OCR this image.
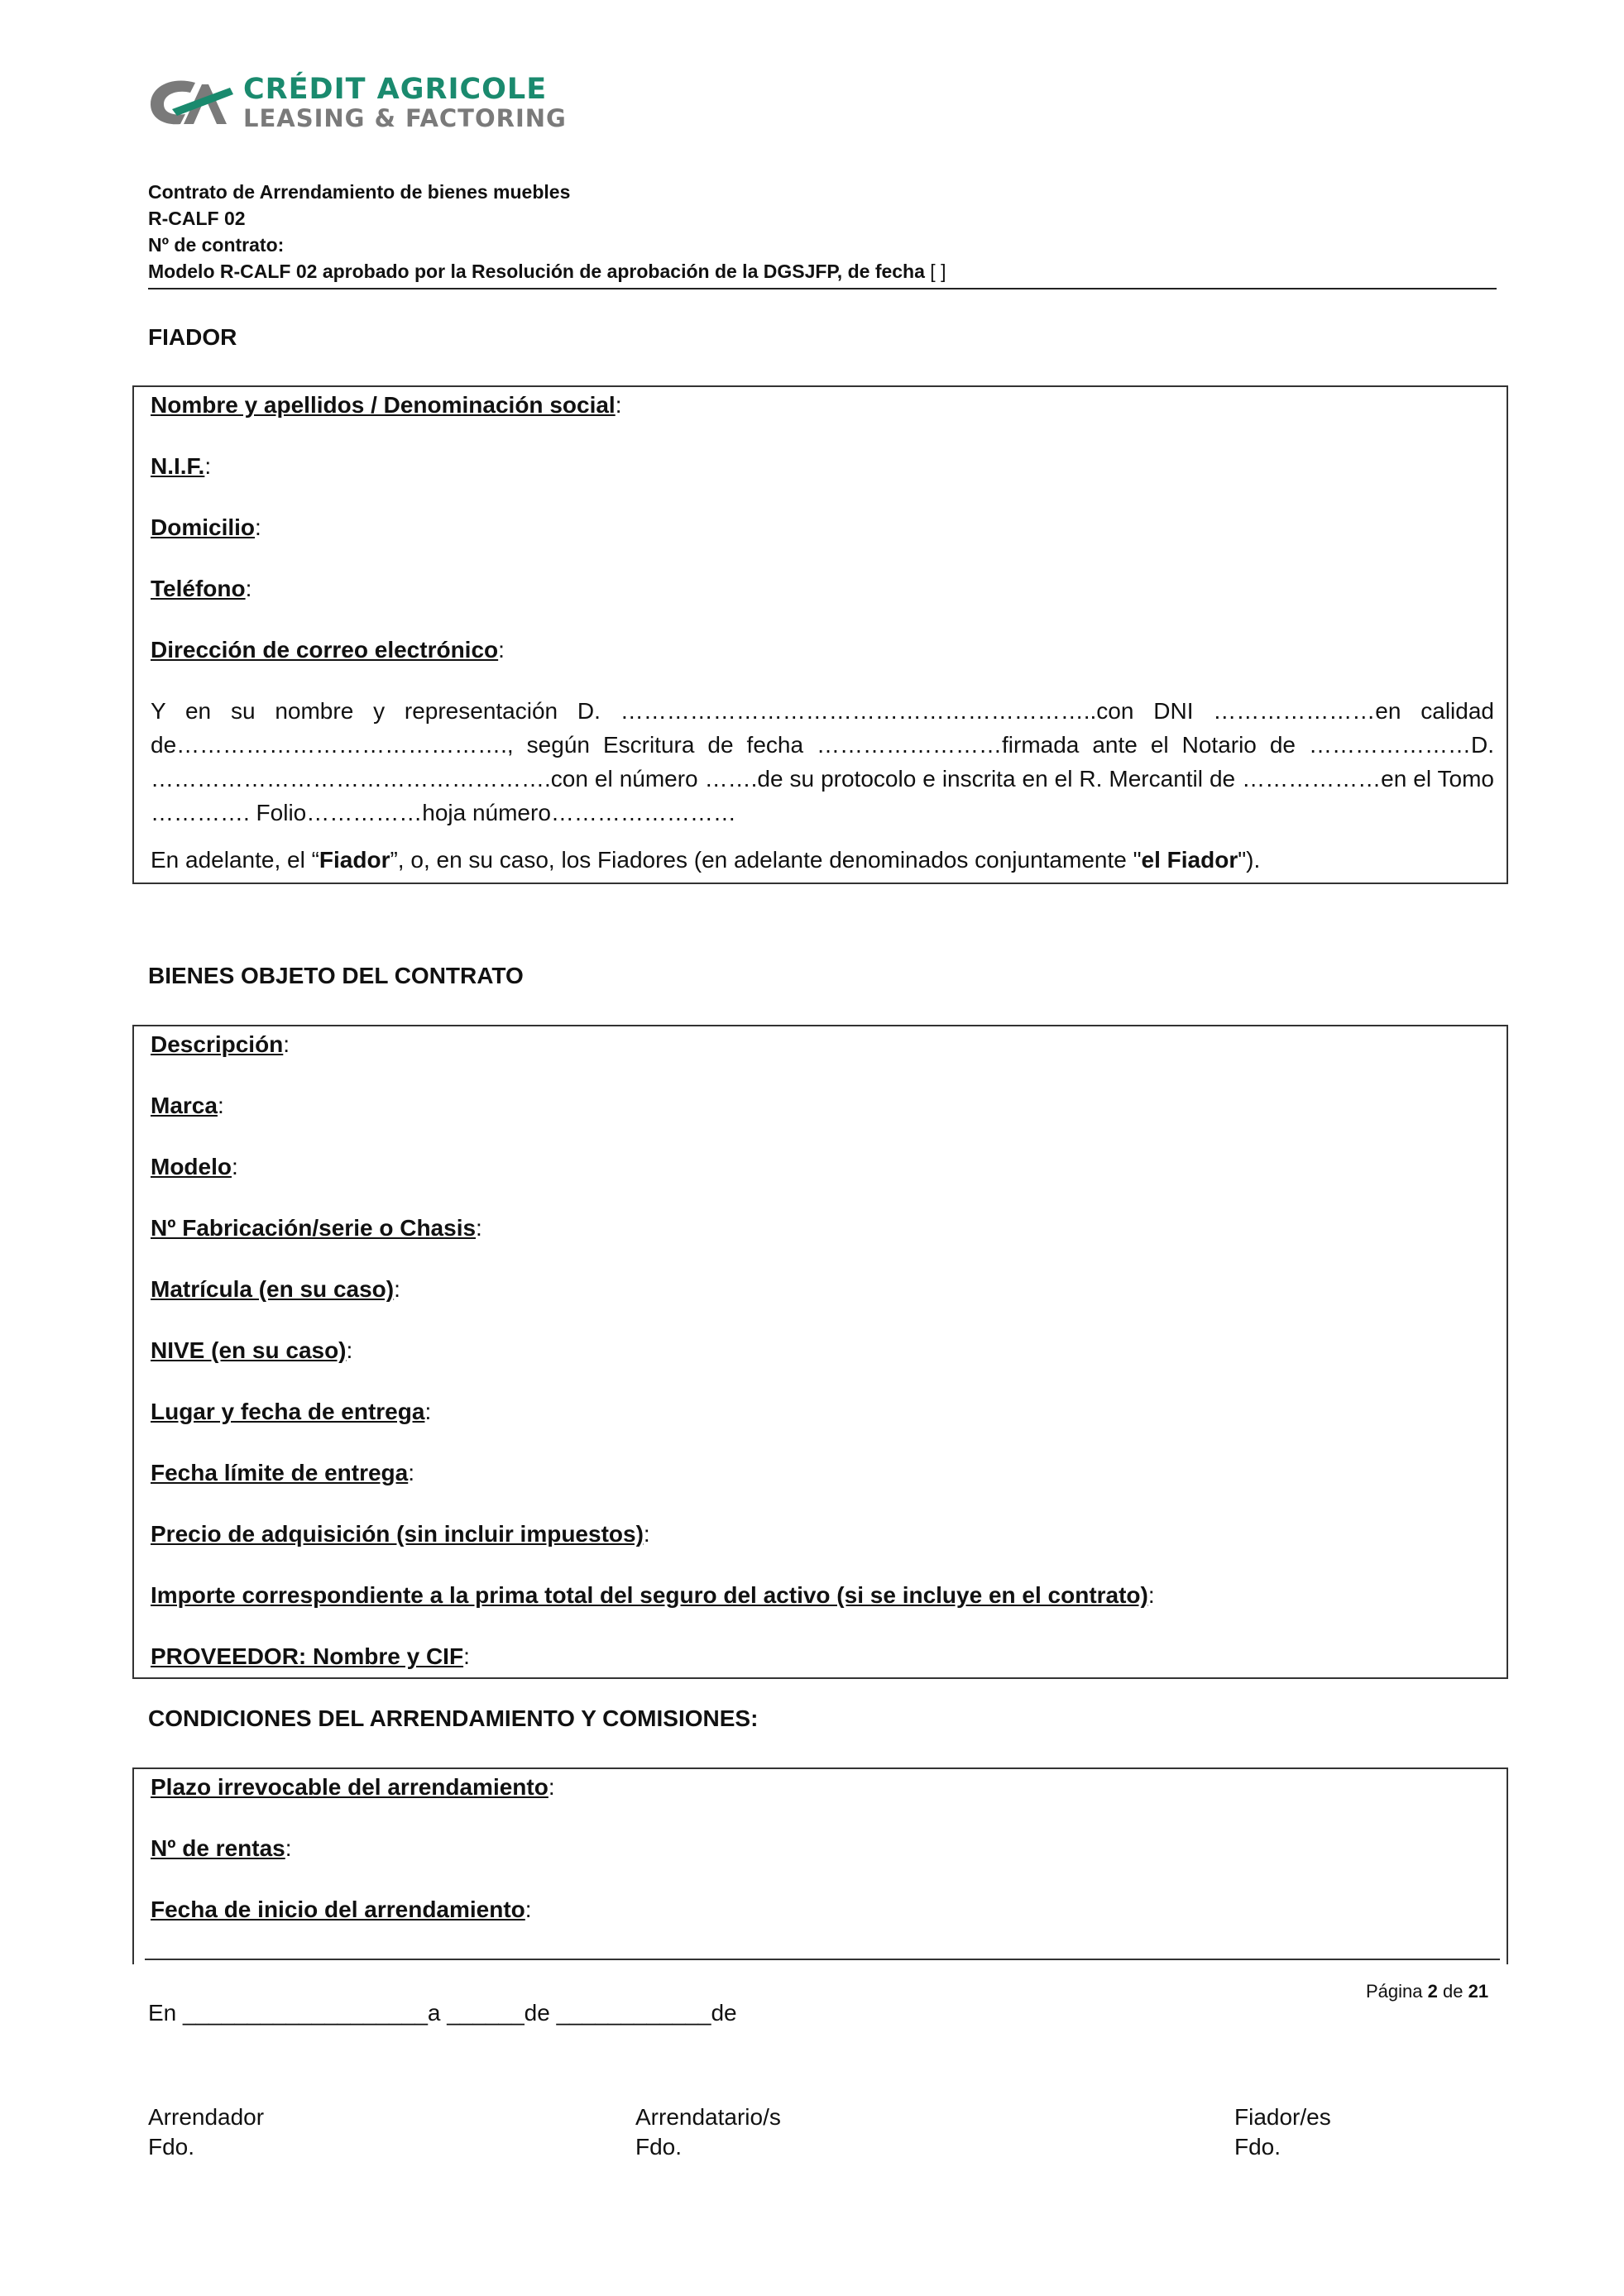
CRÉDIT AGRICOLE
LEASING & FACTORING
Contrato de Arrendamiento de bienes muebles
R-CALF 02
Nº de contrato:
Modelo R-CALF 02 aprobado por la Resolución de aprobación de la DGSJFP, de fecha [ ]
FIADOR
Nombre y apellidos / Denominación social:
N.I.F.:
Domicilio:
Teléfono:
Dirección de correo electrónico:
Y en su nombre y representación D. ……………………………………………………..con DNI …………………en calidad
de……………………………………., según Escritura de fecha ……………………firmada ante el Notario de …………………D.
…………………………………………….con el número …….de su protocolo e inscrita en el R. Mercantil de ………………en el Tomo
…………. Folio……………hoja número……………………
En adelante, el “Fiador”, o, en su caso, los Fiadores (en adelante denominados conjuntamente "el Fiador").
BIENES OBJETO DEL CONTRATO
Descripción:
Marca:
Modelo:
Nº Fabricación/serie o Chasis:
Matrícula (en su caso):
NIVE (en su caso):
Lugar y fecha de entrega:
Fecha límite de entrega:
Precio de adquisición (sin incluir impuestos):
Importe correspondiente a la prima total del seguro del activo (si se incluye en el contrato):
PROVEEDOR: Nombre y CIF:
CONDICIONES DEL ARRENDAMIENTO Y COMISIONES:
Plazo irrevocable del arrendamiento:
Nº de rentas:
Fecha de inicio del arrendamiento:
Página 2 de 21
En ___________________a ______de ____________de
Arrendador
Fdo.
Arrendatario/s
Fdo.
Fiador/es
Fdo.
